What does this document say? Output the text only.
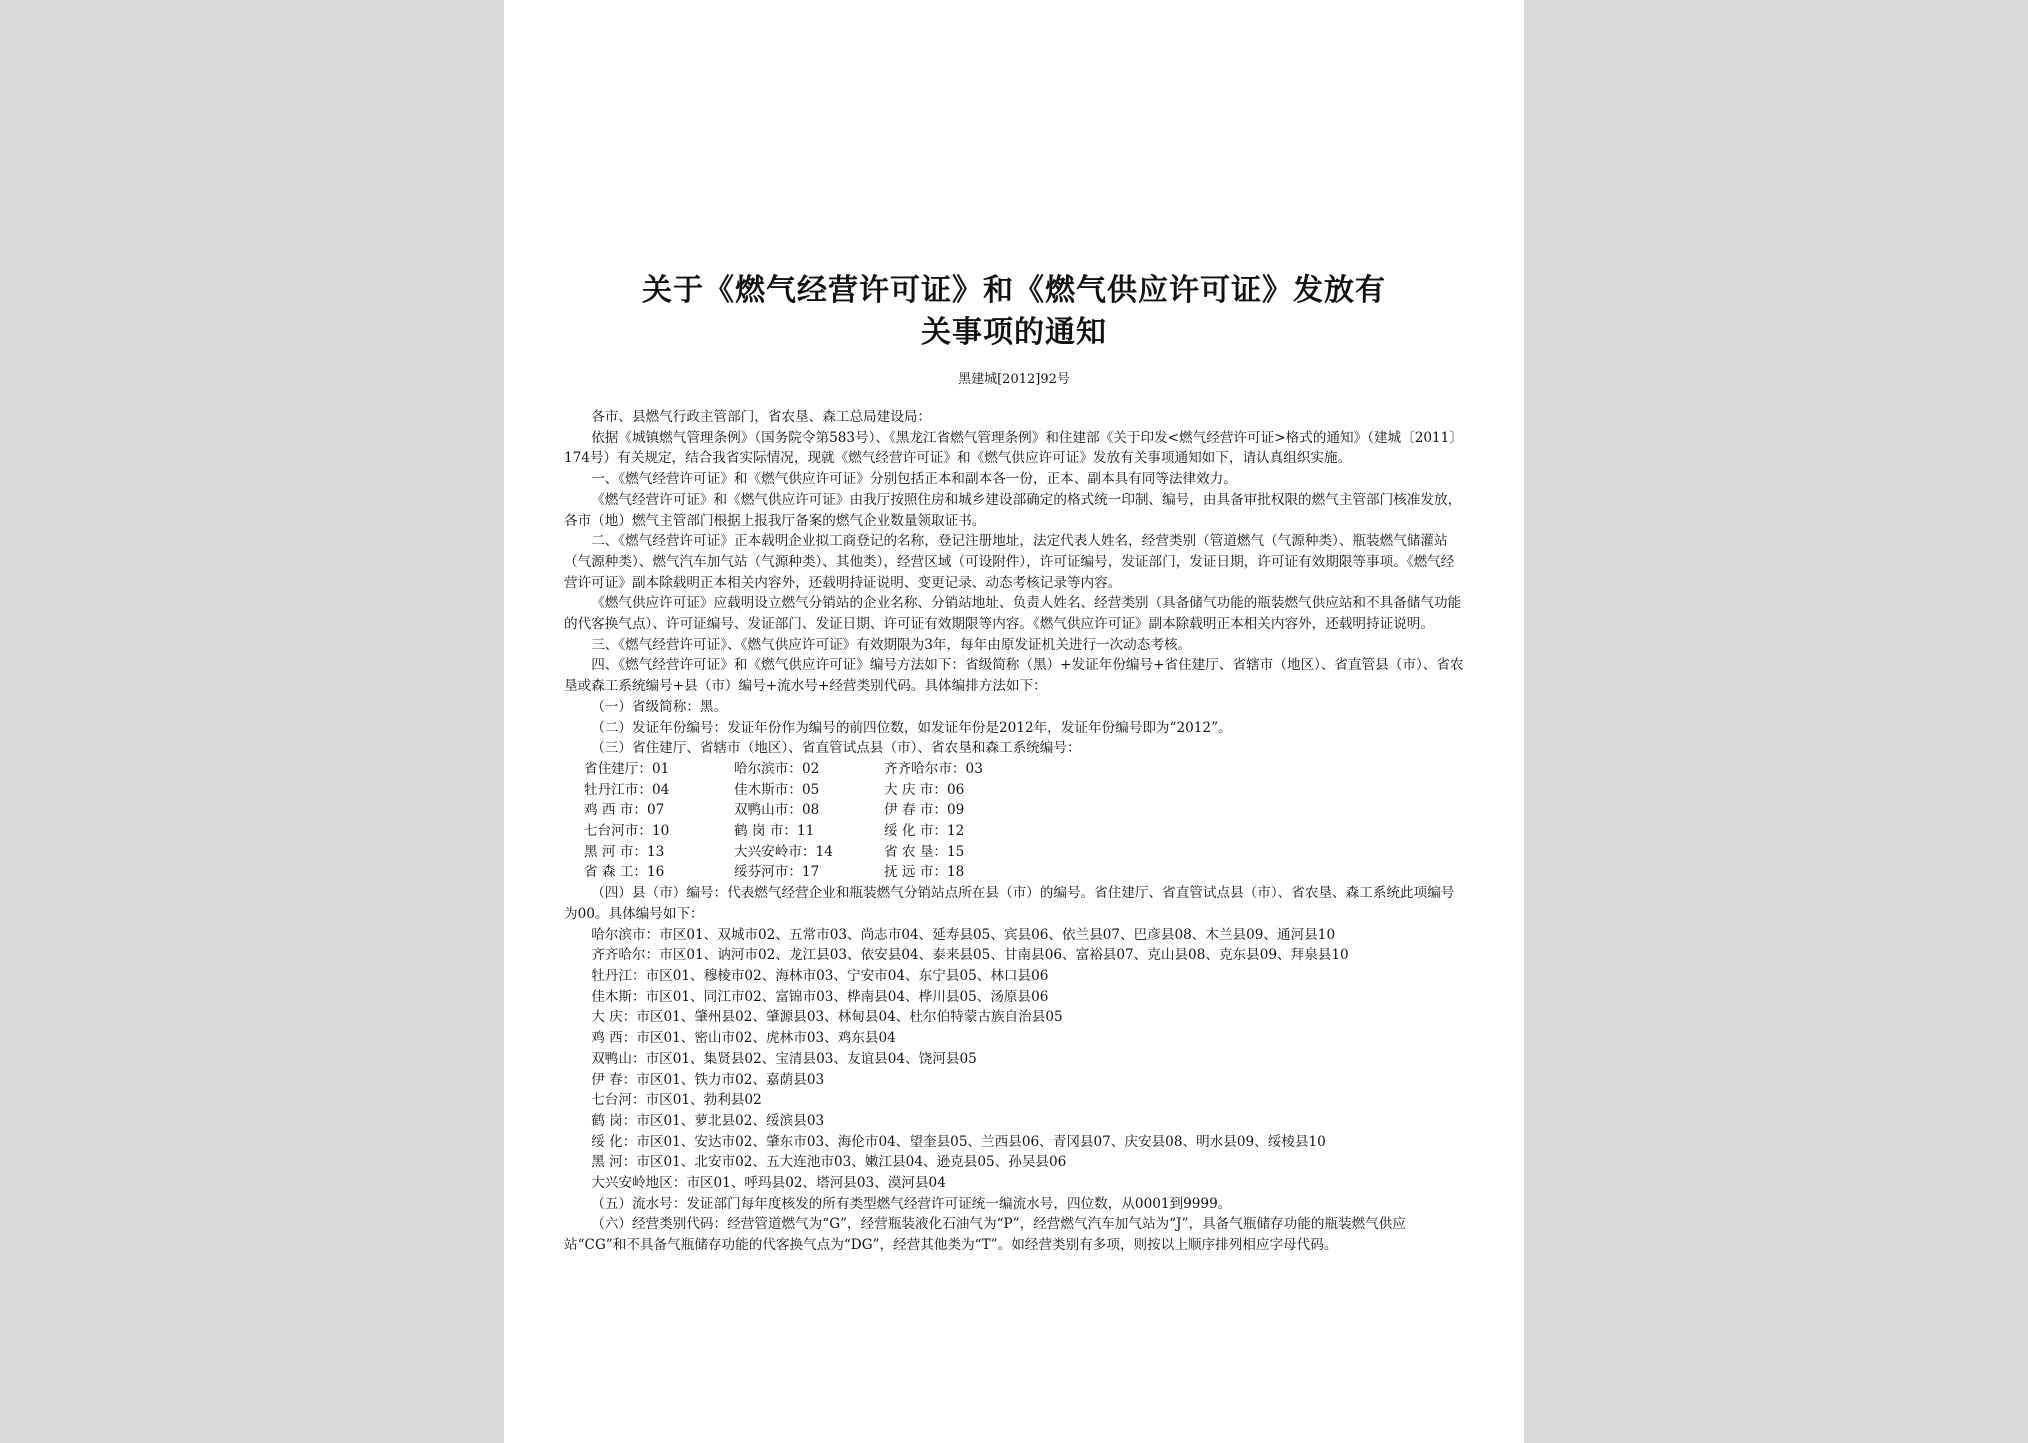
关于《燃气经营许可证》和《燃气供应许可证》发放有
关事项的通知
黑建城[2012]92号

各市、县燃气行政主管部门，省农垦、森工总局建设局：

依据《城镇燃气管理条例》（国务院令第583号）、《黑龙江省燃气管理条例》和住建部《关于印发<燃气经营许可证>格式的通知》（建城〔2011〕174号）有关规定，结合我省实际情况，现就《燃气经营许可证》和《燃气供应许可证》发放有关事项通知如下，请认真组织实施。

一、《燃气经营许可证》和《燃气供应许可证》分别包括正本和副本各一份，正本、副本具有同等法律效力。

《燃气经营许可证》和《燃气供应许可证》由我厅按照住房和城乡建设部确定的格式统一印制、编号，由具备审批权限的燃气主管部门核准发放，各市（地）燃气主管部门根据上报我厅备案的燃气企业数量领取证书。

二、《燃气经营许可证》正本载明企业拟工商登记的名称，登记注册地址，法定代表人姓名，经营类别（管道燃气（气源种类）、瓶装燃气储灌站（气源种类）、燃气汽车加气站（气源种类）、其他类），经营区域（可设附件），许可证编号，发证部门，发证日期，许可证有效期限等事项。《燃气经营许可证》副本除载明正本相关内容外，还载明持证说明、变更记录、动态考核记录等内容。

《燃气供应许可证》应载明设立燃气分销站的企业名称、分销站地址、负责人姓名、经营类别（具备储气功能的瓶装燃气供应站和不具备储气功能的代客换气点）、许可证编号、发证部门、发证日期、许可证有效期限等内容。《燃气供应许可证》副本除载明正本相关内容外，还载明持证说明。

三、《燃气经营许可证》、《燃气供应许可证》有效期限为3年，每年由原发证机关进行一次动态考核。

四、《燃气经营许可证》和《燃气供应许可证》编号方法如下：省级简称（黑）+发证年份编号+省住建厅、省辖市（地区）、省直管县（市）、省农垦或森工系统编号+县（市）编号+流水号+经营类别代码。具体编排方法如下：

（一）省级简称：黑。

（二）发证年份编号：发证年份作为编号的前四位数，如发证年份是2012年，发证年份编号即为“2012”。

（三）省住建厅、省辖市（地区）、省直管试点县（市）、省农垦和森工系统编号：

省住建厅：01	哈尔滨市：02	齐齐哈尔市：03
牡丹江市：04	佳木斯市：05	大 庆 市：06
鸡 西 市：07	双鸭山市：08	伊 春 市：09
七台河市：10	鹤 岗 市：11	绥 化 市：12
黑 河 市：13	大兴安岭市：14	省 农 垦：15
省 森 工：16	绥芬河市：17	抚 远 市：18

（四）县（市）编号：代表燃气经营企业和瓶装燃气分销站点所在县（市）的编号。省住建厅、省直管试点县（市）、省农垦、森工系统此项编号为00。具体编号如下：

哈尔滨市：市区01、双城市02、五常市03、尚志市04、延寿县05、宾县06、依兰县07、巴彦县08、木兰县09、通河县10

齐齐哈尔：市区01、讷河市02、龙江县03、依安县04、泰来县05、甘南县06、富裕县07、克山县08、克东县09、拜泉县10

牡丹江：市区01、穆棱市02、海林市03、宁安市04、东宁县05、林口县06

佳木斯：市区01、同江市02、富锦市03、桦南县04、桦川县05、汤原县06

大 庆：市区01、肇州县02、肇源县03、林甸县04、杜尔伯特蒙古族自治县05

鸡 西：市区01、密山市02、虎林市03、鸡东县04

双鸭山：市区01、集贤县02、宝清县03、友谊县04、饶河县05

伊 春：市区01、铁力市02、嘉荫县03

七台河：市区01、勃利县02

鹤 岗：市区01、萝北县02、绥滨县03

绥 化：市区01、安达市02、肇东市03、海伦市04、望奎县05、兰西县06、青冈县07、庆安县08、明水县09、绥棱县10

黑 河：市区01、北安市02、五大连池市03、嫩江县04、逊克县05、孙吴县06

大兴安岭地区：市区01、呼玛县02、塔河县03、漠河县04

（五）流水号：发证部门每年度核发的所有类型燃气经营许可证统一编流水号，四位数，从0001到9999。

（六）经营类别代码：经营管道燃气为“G”，经营瓶装液化石油气为“P”，经营燃气汽车加气站为“J”，具备气瓶储存功能的瓶装燃气供应站“CG”和不具备气瓶储存功能的代客换气点为“DG”，经营其他类为“T”。如经营类别有多项，则按以上顺序排列相应字母代码。
